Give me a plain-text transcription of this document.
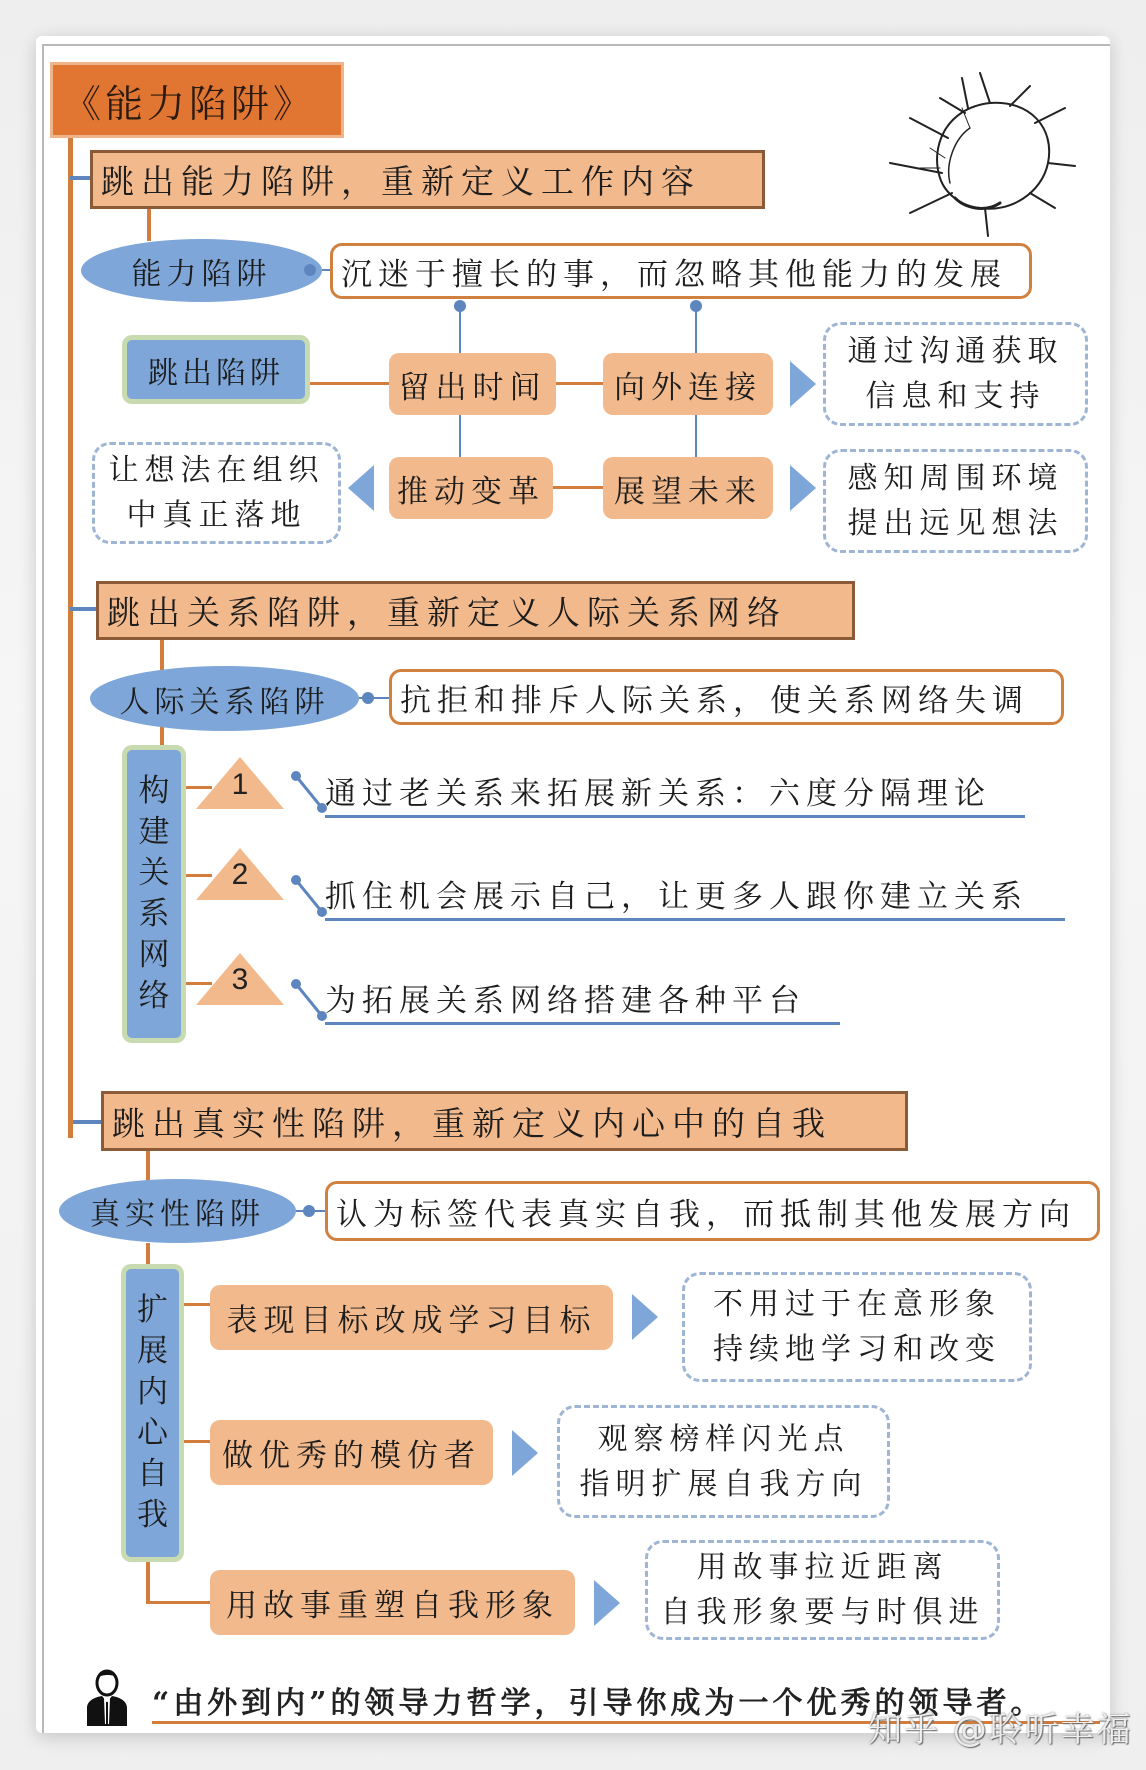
《能力陷阱》
跳出能力陷阱，重新定义工作内容
能力陷阱	沉迷于擅长的事，而忽略其他能力的发展
跳出陷阱	留出时间	向外连接
通过沟通获取
信息和支持
让想法在组织
中真正落地
推动变革	展望未来	感知周围环境
提出远见想法
跳出关系陷阱，重新定义人际关系网络
人际关系陷阱	抗拒和排斥人际关系，使关系网络失调
构
建
关
系
网
络
1	通过老关系来拓展新关系：六度分隔理论
2
抓住机会展示自己，让更多人跟你建立关系
3
为拓展关系网络搭建各种平台
跳出真实性陷阱，重新定义内心中的自我
真实性陷阱	认为标签代表真实自我，而抵制其他发展方向
扩
展
内
心
自
我
表现目标改成学习目标	不用过于在意形象
持续地学习和改变
做优秀的模仿者	观察榜样闪光点
指明扩展自我方向
用故事重塑自我形象
用故事拉近距离
自我形象要与时俱进
“由外到内”的领导力哲学，引导你成为一个优秀的领导者。
知乎 @聆听幸福
